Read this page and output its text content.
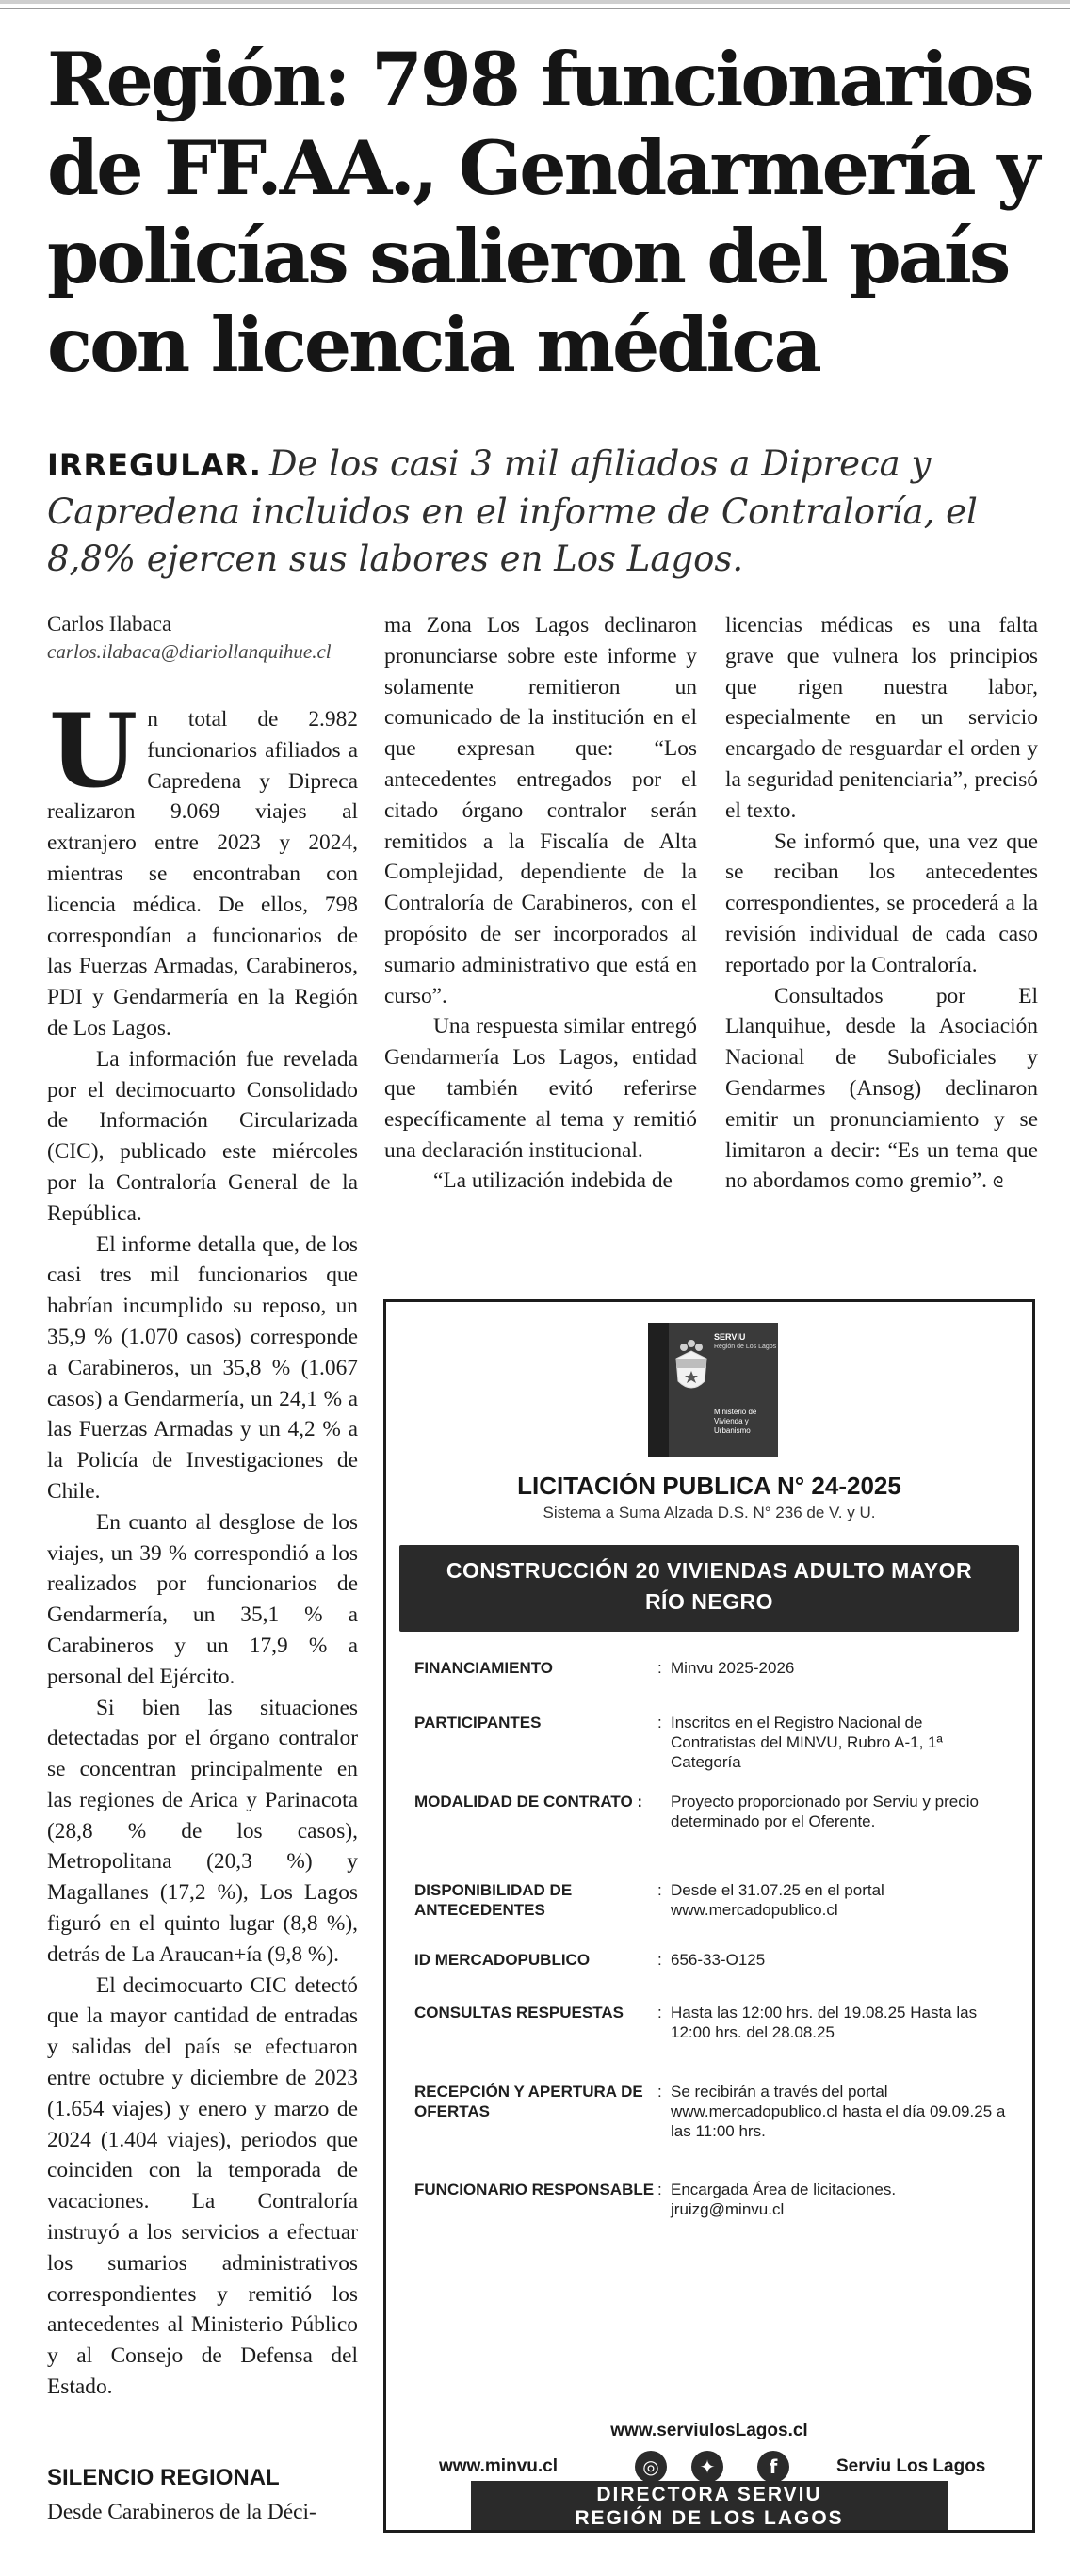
Región: 798 funcionarios de FF.AA., Gendarmería y policías salieron del país con licencia médica

IRREGULAR. De los casi 3 mil afiliados a Dipreca y Capredena incluidos en el informe de Contraloría, el 8,8% ejercen sus labores en Los Lagos.

Carlos Ilabaca
carlos.ilabaca@diariollanquihue.cl

Un total de 2.982 funcionarios afiliados a Capredena y Dipreca realizaron 9.069 viajes al extranjero entre 2023 y 2024, mientras se encontraban con licencia médica. De ellos, 798 correspondían a funcionarios de las Fuerzas Armadas, Carabineros, PDI y Gendarmería en la Región de Los Lagos.

La información fue revelada por el decimocuarto Consolidado de Información Circularizada (CIC), publicado este miércoles por la Contraloría General de la República.

El informe detalla que, de los casi tres mil funcionarios que habrían incumplido su reposo, un 35,9 % (1.070 casos) corresponde a Carabineros, un 35,8 % (1.067 casos) a Gendarmería, un 24,1 % a las Fuerzas Armadas y un 4,2 % a la Policía de Investigaciones de Chile.

En cuanto al desglose de los viajes, un 39 % correspondió a los realizados por funcionarios de Gendarmería, un 35,1 % a Carabineros y un 17,9 % a personal del Ejército.

Si bien las situaciones detectadas por el órgano contralor se concentran principalmente en las regiones de Arica y Parinacota (28,8 % de los casos), Metropolitana (20,3 %) y Magallanes (17,2 %), Los Lagos figuró en el quinto lugar (8,8 %), detrás de La Araucan+ía (9,8 %).

El decimocuarto CIC detectó que la mayor cantidad de entradas y salidas del país se efectuaron entre octubre y diciembre de 2023 (1.654 viajes) y enero y marzo de 2024 (1.404 viajes), periodos que coinciden con la temporada de vacaciones. La Contraloría instruyó a los servicios a efectuar los sumarios administrativos correspondientes y remitió los antecedentes al Ministerio Público y al Consejo de Defensa del Estado.

SILENCIO REGIONAL

Desde Carabineros de la Déci-

ma Zona Los Lagos declinaron pronunciarse sobre este informe y solamente remitieron un comunicado de la institución en el que expresan que: “Los antecedentes entregados por el citado órgano contralor serán remitidos a la Fiscalía de Alta Complejidad, dependiente de la Contraloría de Carabineros, con el propósito de ser incorporados al sumario administrativo que está en curso”.

Una respuesta similar entregó Gendarmería Los Lagos, entidad que también evitó referirse específicamente al tema y remitió una declaración institucional.

“La utilización indebida de

licencias médicas es una falta grave que vulnera los principios que rigen nuestra labor, especialmente en un servicio encargado de resguardar el orden y la seguridad penitenciaria”, precisó el texto.

Se informó que, una vez que se reciban los antecedentes correspondientes, se procederá a la revisión individual de cada caso reportado por la Contraloría.

Consultados por El Llanquihue, desde la Asociación Nacional de Suboficiales y Gendarmes (Ansog) declinaron emitir un pronunciamiento y se limitaron a decir: “Es un tema que no abordamos como gremio”. ᘓ

SERVIU
Región de Los Lagos
Ministerio de Vivienda y Urbanismo
LICITACIÓN PUBLICA N° 24-2025
Sistema a Suma Alzada D.S. N° 236 de V. y U.
CONSTRUCCIÓN 20 VIVIENDAS ADULTO MAYOR
RÍO NEGRO
FINANCIAMIENTO	: Minvu 2025-2026
PARTICIPANTES	: Inscritos en el Registro Nacional de Contratistas del MINVU, Rubro A-1, 1ª Categoría
MODALIDAD DE CONTRATO :	Proyecto proporcionado por Serviu y precio determinado por el Oferente.
DISPONIBILIDAD DE ANTECEDENTES
: Desde el 31.07.25 en el portal www.mercadopublico.cl
ID MERCADOPUBLICO	: 656-33-O125
CONSULTAS RESPUESTAS	: Hasta las 12:00 hrs. del 19.08.25 Hasta las 12:00 hrs. del 28.08.25
RECEPCIÓN Y APERTURA DE OFERTAS
: Se recibirán a través del portal www.mercadopublico.cl hasta el día 09.09.25 a las 11:00 hrs.
FUNCIONARIO RESPONSABLE : Encargada Área de licitaciones. jruizg@minvu.cl
www.serviulosLagos.cl
www.minvu.cl	◎	✦	f	Serviu Los Lagos
DIRECTORA SERVIU
REGIÓN DE LOS LAGOS
